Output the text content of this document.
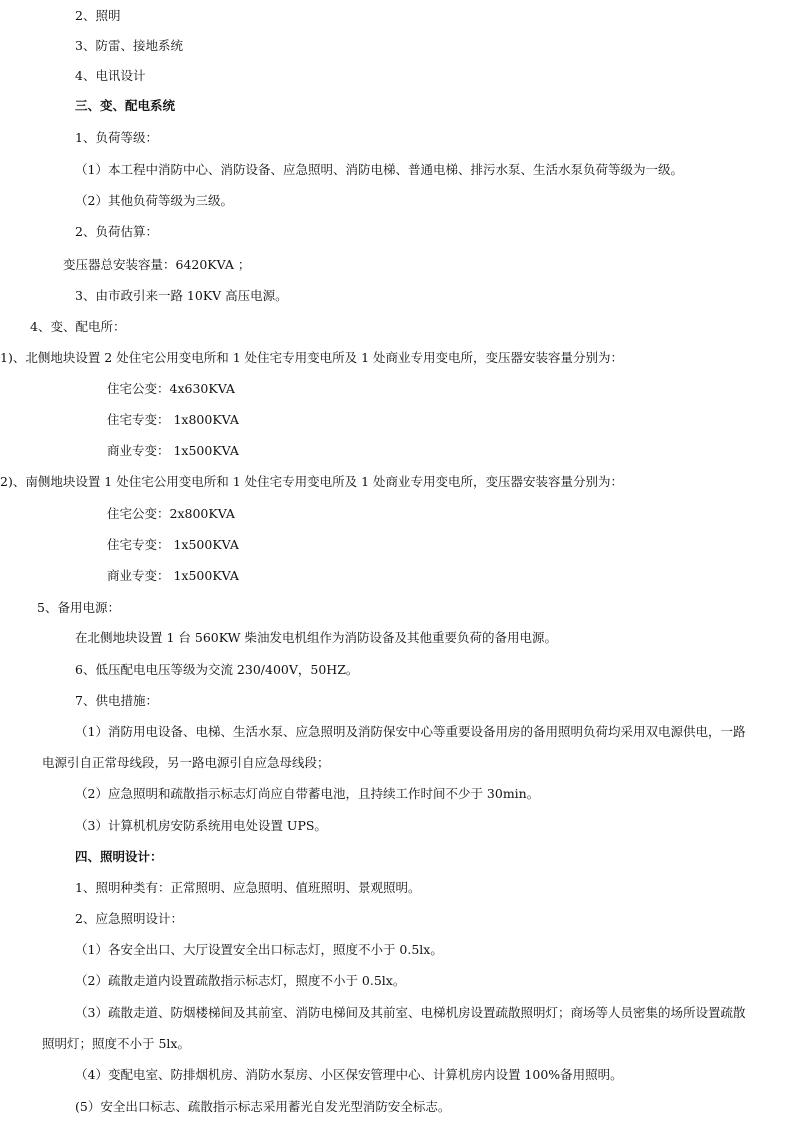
2、照明
3、防雷、接地系统
4、电讯设计
三、变、配电系统
1、负荷等级：
（1）本工程中消防中心、消防设备、应急照明、消防电梯、普通电梯、排污水泵、生活水泵负荷等级为一级。
（2）其他负荷等级为三级。
2、负荷估算：
变压器总安装容量：6420KVA ；
3、由市政引来一路 10KV 高压电源。
4、变、配电所：
1)、北侧地块设置 2 处住宅公用变电所和 1 处住宅专用变电所及 1 处商业专用变电所，变压器安装容量分别为：
住宅公变：4x630KVA
住宅专变： 1x800KVA
商业专变： 1x500KVA
2)、南侧地块设置 1 处住宅公用变电所和 1 处住宅专用变电所及 1 处商业专用变电所，变压器安装容量分别为：
住宅公变：2x800KVA
住宅专变： 1x500KVA
商业专变： 1x500KVA
5、备用电源：
在北侧地块设置 1 台 560KW 柴油发电机组作为消防设备及其他重要负荷的备用电源。
6、低压配电电压等级为交流 230/400V，50HZ。
7、供电措施：
（1）消防用电设备、电梯、生活水泵、应急照明及消防保安中心等重要设备用房的备用照明负荷均采用双电源供电，一路
电源引自正常母线段，另一路电源引自应急母线段；
（2）应急照明和疏散指示标志灯尚应自带蓄电池，且持续工作时间不少于 30min。
（3）计算机机房安防系统用电处设置 UPS。
四、照明设计：
1、照明种类有：正常照明、应急照明、值班照明、景观照明。
2、应急照明设计：
（1）各安全出口、大厅设置安全出口标志灯，照度不小于 0.5lx。
（2）疏散走道内设置疏散指示标志灯，照度不小于 0.5lx。
（3）疏散走道、防烟楼梯间及其前室、消防电梯间及其前室、电梯机房设置疏散照明灯；商场等人员密集的场所设置疏散
照明灯；照度不小于 5lx。
（4）变配电室、防排烟机房、消防水泵房、小区保安管理中心、计算机房内设置 100%备用照明。
(5）安全出口标志、疏散指示标志采用蓄光自发光型消防安全标志。
